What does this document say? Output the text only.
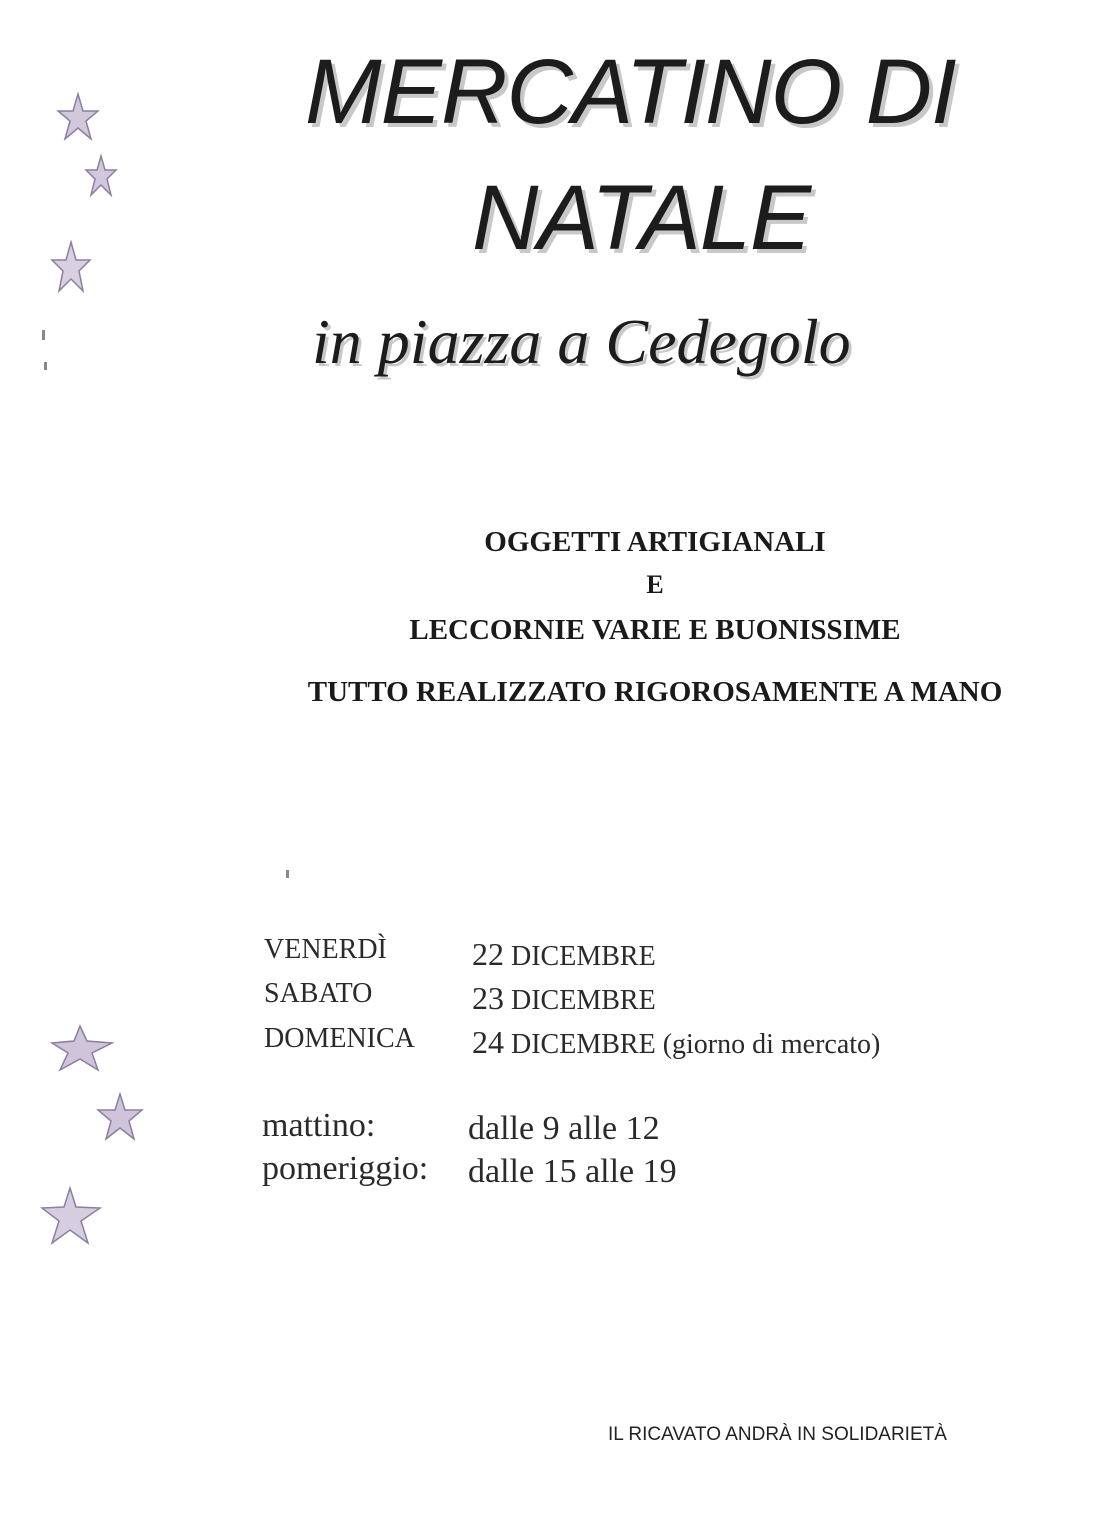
MERCATINO DI
NATALE
in piazza a Cedegolo
OGGETTI ARTIGIANALI
E
LECCORNIE VARIE E BUONISSIME
TUTTO REALIZZATO RIGOROSAMENTE A MANO
VENERDÌ	22 DICEMBRE
SABATO	23 DICEMBRE
DOMENICA 24 DICEMBRE (giorno di mercato)
mattino:	dalle 9 alle 12
pomeriggio: dalle 15 alle 19
IL RICAVATO ANDRÀ IN SOLIDARIETÀ
